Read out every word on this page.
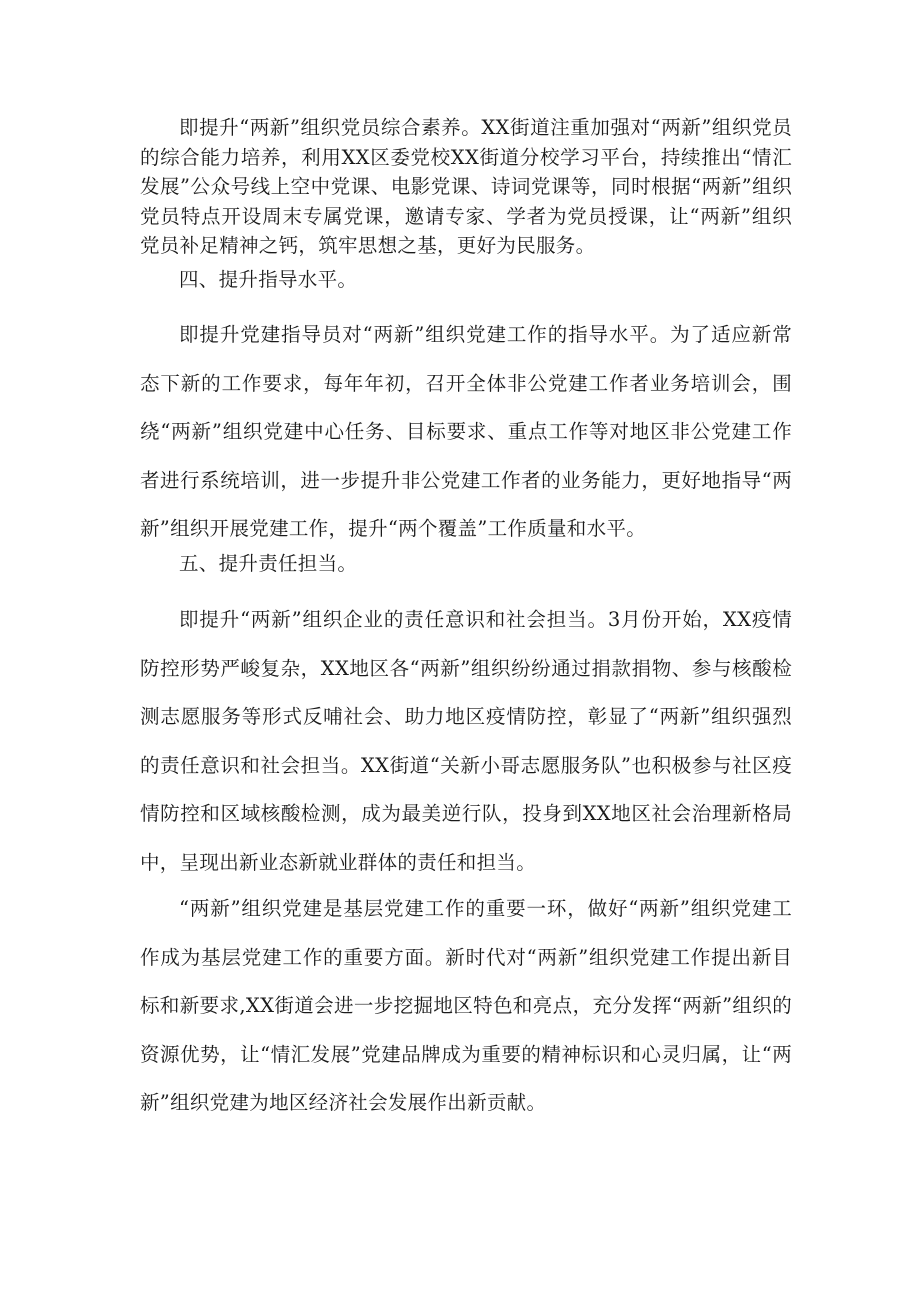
即提升“两新”组织党员综合素养。XX街道注重加强对“两新”组织党员的综合能力培养，利用XX区委党校XX街道分校学习平台，持续推出“情汇发展”公众号线上空中党课、电影党课、诗词党课等，同时根据“两新”组织党员特点开设周末专属党课，邀请专家、学者为党员授课，让“两新”组织党员补足精神之钙，筑牢思想之基，更好为民服务。

四、提升指导水平。

即提升党建指导员对“两新”组织党建工作的指导水平。为了适应新常态下新的工作要求，每年年初，召开全体非公党建工作者业务培训会，围绕“两新”组织党建中心任务、目标要求、重点工作等对地区非公党建工作者进行系统培训，进一步提升非公党建工作者的业务能力，更好地指导“两新”组织开展党建工作，提升“两个覆盖”工作质量和水平。

五、提升责任担当。

即提升“两新”组织企业的责任意识和社会担当。3月份开始，XX疫情防控形势严峻复杂，XX地区各“两新”组织纷纷通过捐款捐物、参与核酸检测志愿服务等形式反哺社会、助力地区疫情防控，彰显了“两新”组织强烈的责任意识和社会担当。XX街道“关新小哥志愿服务队”也积极参与社区疫情防控和区域核酸检测，成为最美逆行队，投身到XX地区社会治理新格局中，呈现出新业态新就业群体的责任和担当。

“两新”组织党建是基层党建工作的重要一环，做好“两新”组织党建工作成为基层党建工作的重要方面。新时代对“两新”组织党建工作提出新目标和新要求,XX街道会进一步挖掘地区特色和亮点，充分发挥“两新”组织的资源优势，让“情汇发展”党建品牌成为重要的精神标识和心灵归属，让“两新”组织党建为地区经济社会发展作出新贡献。
